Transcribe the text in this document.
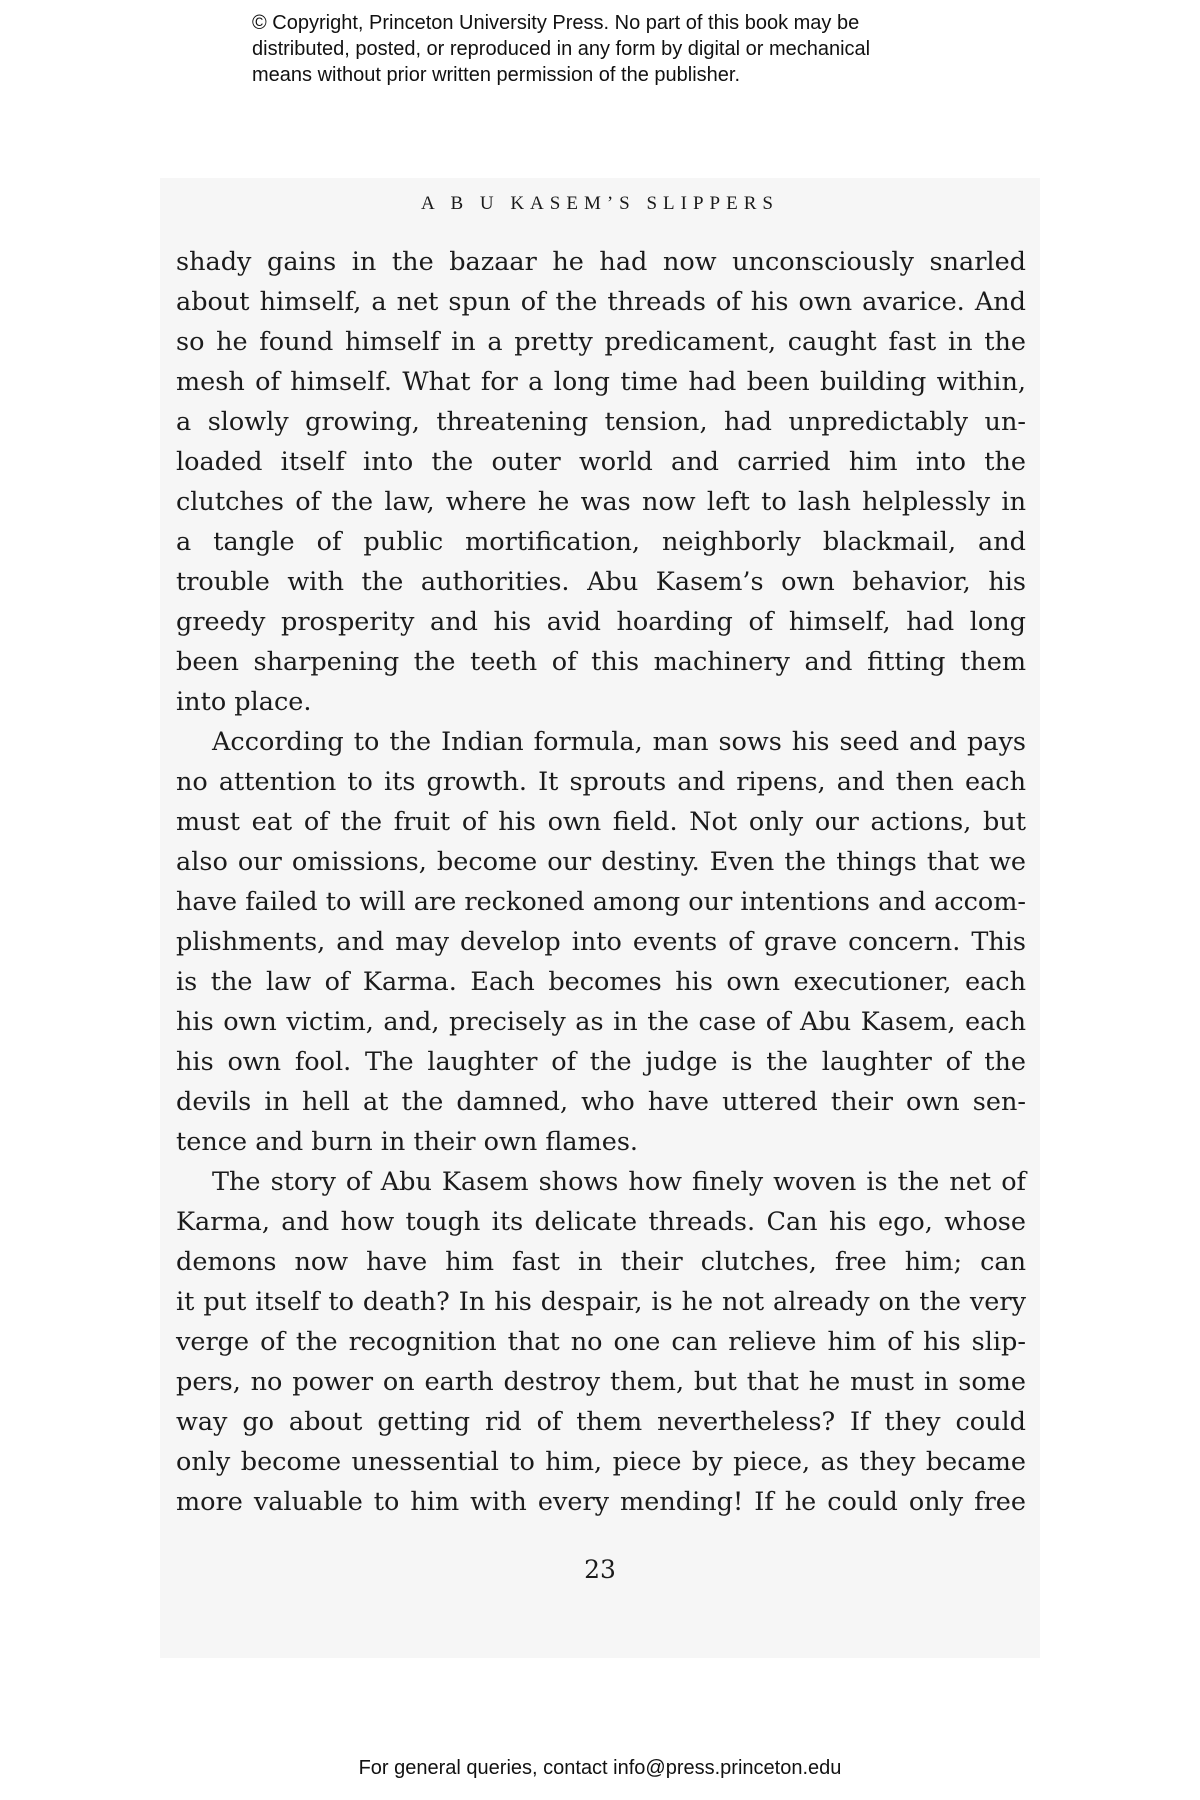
© Copyright, Princeton University Press. No part of this book may be
distributed, posted, or reproduced in any form by digital or mechanical
means without prior written permission of the publisher.
A B U KASEM’S SLIPPERS
shady gains in the bazaar he had now unconsciously snarled
about himself, a net spun of the threads of his own avarice. And
so he found himself in a pretty predicament, caught fast in the
mesh of himself. What for a long time had been building within,
a slowly growing, threatening tension, had unpredictably un-
loaded itself into the outer world and carried him into the
clutches of the law, where he was now left to lash helplessly in
a tangle of public mortification, neighborly blackmail, and
trouble with the authorities. Abu Kasem’s own behavior, his
greedy prosperity and his avid hoarding of himself, had long
been sharpening the teeth of this machinery and fitting them
into place.
According to the Indian formula, man sows his seed and pays
no attention to its growth. It sprouts and ripens, and then each
must eat of the fruit of his own field. Not only our actions, but
also our omissions, become our destiny. Even the things that we
have failed to will are reckoned among our intentions and accom-
plishments, and may develop into events of grave concern. This
is the law of Karma. Each becomes his own executioner, each
his own victim, and, precisely as in the case of Abu Kasem, each
his own fool. The laughter of the judge is the laughter of the
devils in hell at the damned, who have uttered their own sen-
tence and burn in their own flames.
The story of Abu Kasem shows how finely woven is the net of
Karma, and how tough its delicate threads. Can his ego, whose
demons now have him fast in their clutches, free him; can
it put itself to death? In his despair, is he not already on the very
verge of the recognition that no one can relieve him of his slip-
pers, no power on earth destroy them, but that he must in some
way go about getting rid of them nevertheless? If they could
only become unessential to him, piece by piece, as they became
more valuable to him with every mending! If he could only free
23
For general queries, contact info@press.princeton.edu
